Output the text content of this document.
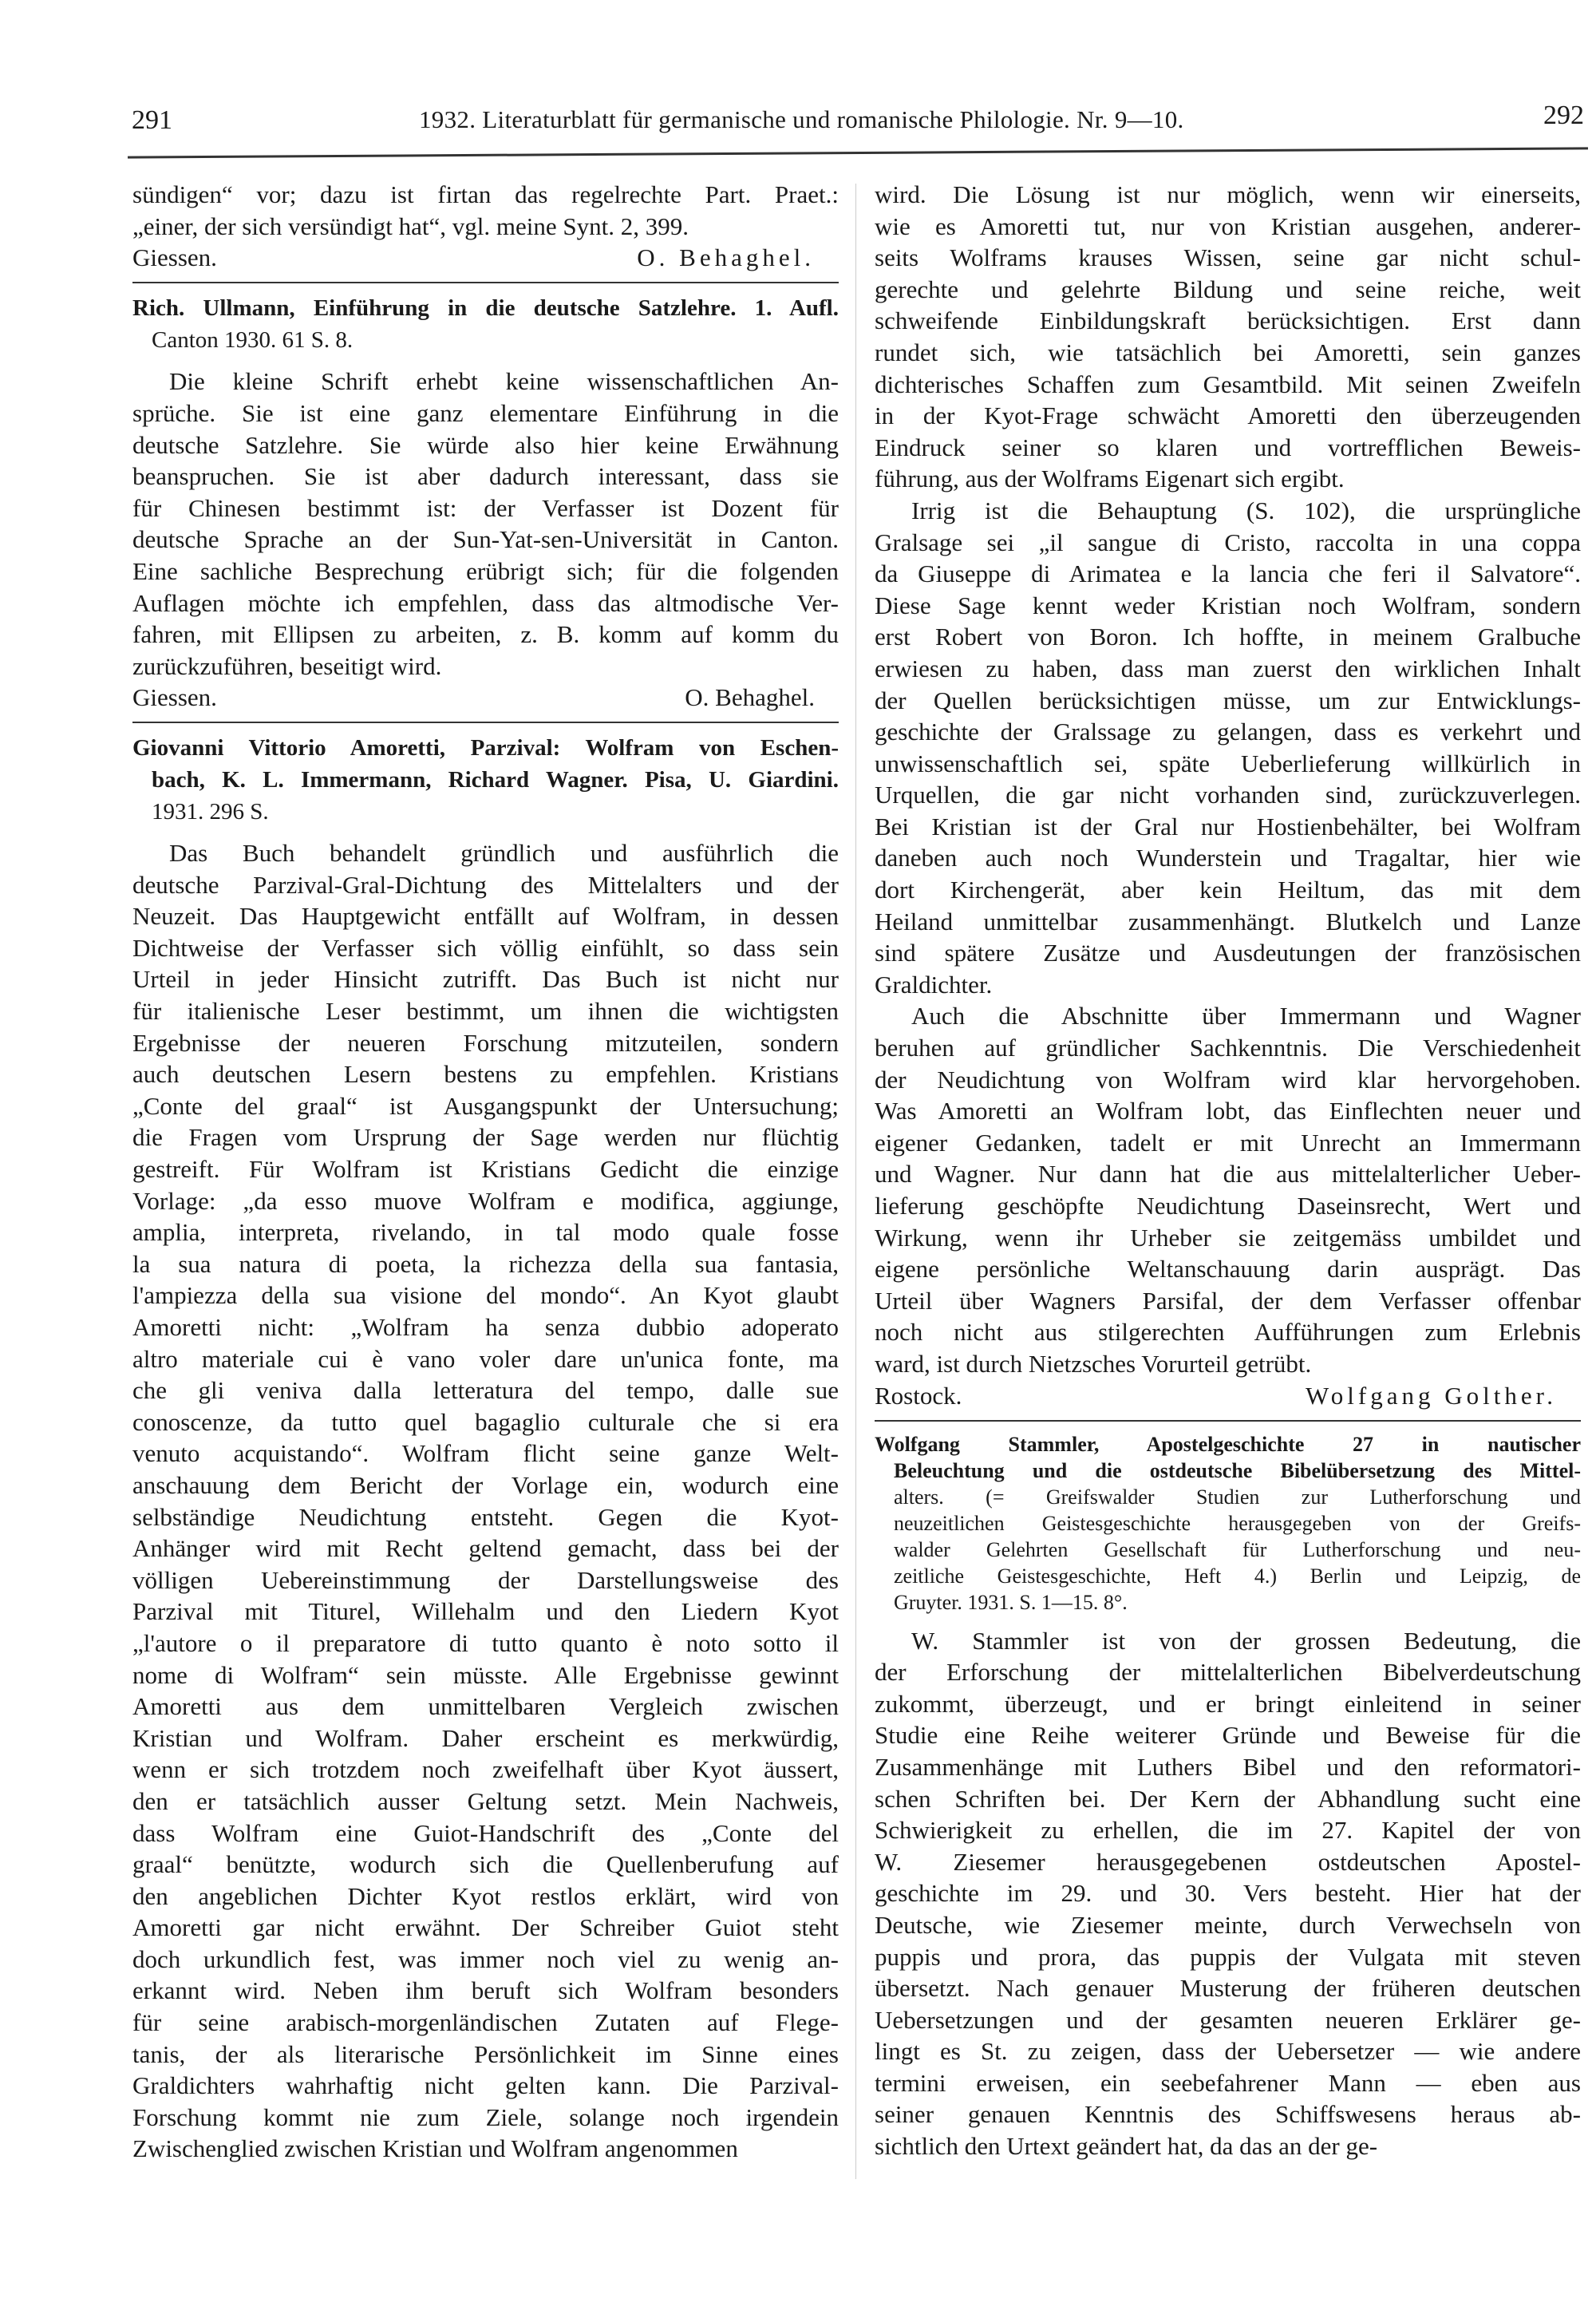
291	1932. Literaturblatt für germanische und romanische Philologie. Nr. 9—10.	292
sündigen“ vor; dazu ist firtan das regelrechte Part. Praet.:
„einer, der sich versündigt hat“, vgl. meine Synt. 2, 399.
Giessen.	O. Behaghel.
Rich. Ullmann, Einführung in die deutsche Satzlehre. 1. Aufl.
Canton 1930. 61 S. 8.
Die kleine Schrift erhebt keine wissenschaftlichen An-
sprüche. Sie ist eine ganz elementare Einführung in die
deutsche Satzlehre. Sie würde also hier keine Erwähnung
beanspruchen. Sie ist aber dadurch interessant, dass sie
für Chinesen bestimmt ist: der Verfasser ist Dozent für
deutsche Sprache an der Sun-Yat-sen-Universität in Canton.
Eine sachliche Besprechung erübrigt sich; für die folgenden
Auflagen möchte ich empfehlen, dass das altmodische Ver-
fahren, mit Ellipsen zu arbeiten, z. B. komm auf komm du
zurückzuführen, beseitigt wird.
Giessen.	O. Behaghel.
Giovanni Vittorio Amoretti, Parzival: Wolfram von Eschen-
bach, K. L. Immermann, Richard Wagner. Pisa, U. Giardini.
1931. 296 S.
Das Buch behandelt gründlich und ausführlich die
deutsche Parzival-Gral-Dichtung des Mittelalters und der
Neuzeit. Das Hauptgewicht entfällt auf Wolfram, in dessen
Dichtweise der Verfasser sich völlig einfühlt, so dass sein
Urteil in jeder Hinsicht zutrifft. Das Buch ist nicht nur
für italienische Leser bestimmt, um ihnen die wichtigsten
Ergebnisse der neueren Forschung mitzuteilen, sondern
auch deutschen Lesern bestens zu empfehlen. Kristians
„Conte del graal“ ist Ausgangspunkt der Untersuchung;
die Fragen vom Ursprung der Sage werden nur flüchtig
gestreift. Für Wolfram ist Kristians Gedicht die einzige
Vorlage: „da esso muove Wolfram e modifica, aggiunge,
amplia, interpreta, rivelando, in tal modo quale fosse
la sua natura di poeta, la richezza della sua fantasia,
l'ampiezza della sua visione del mondo“. An Kyot glaubt
Amoretti nicht: „Wolfram ha senza dubbio adoperato
altro materiale cui è vano voler dare un'unica fonte, ma
che gli veniva dalla letteratura del tempo, dalle sue
conoscenze, da tutto quel bagaglio culturale che si era
venuto acquistando“. Wolfram flicht seine ganze Welt-
anschauung dem Bericht der Vorlage ein, wodurch eine
selbständige Neudichtung entsteht. Gegen die Kyot-
Anhänger wird mit Recht geltend gemacht, dass bei der
völligen Uebereinstimmung der Darstellungsweise des
Parzival mit Titurel, Willehalm und den Liedern Kyot
„l'autore o il preparatore di tutto quanto è noto sotto il
nome di Wolfram“ sein müsste. Alle Ergebnisse gewinnt
Amoretti aus dem unmittelbaren Vergleich zwischen
Kristian und Wolfram. Daher erscheint es merkwürdig,
wenn er sich trotzdem noch zweifelhaft über Kyot äussert,
den er tatsächlich ausser Geltung setzt. Mein Nachweis,
dass Wolfram eine Guiot-Handschrift des „Conte del
graal“ benützte, wodurch sich die Quellenberufung auf
den angeblichen Dichter Kyot restlos erklärt, wird von
Amoretti gar nicht erwähnt. Der Schreiber Guiot steht
doch urkundlich fest, was immer noch viel zu wenig an-
erkannt wird. Neben ihm beruft sich Wolfram besonders
für seine arabisch-morgenländischen Zutaten auf Flege-
tanis, der als literarische Persönlichkeit im Sinne eines
Graldichters wahrhaftig nicht gelten kann. Die Parzival-
Forschung kommt nie zum Ziele, solange noch irgendein
Zwischenglied zwischen Kristian und Wolfram angenommen
wird. Die Lösung ist nur möglich, wenn wir einerseits,
wie es Amoretti tut, nur von Kristian ausgehen, anderer-
seits Wolframs krauses Wissen, seine gar nicht schul-
gerechte und gelehrte Bildung und seine reiche, weit
schweifende Einbildungskraft berücksichtigen. Erst dann
rundet sich, wie tatsächlich bei Amoretti, sein ganzes
dichterisches Schaffen zum Gesamtbild. Mit seinen Zweifeln
in der Kyot-Frage schwächt Amoretti den überzeugenden
Eindruck seiner so klaren und vortrefflichen Beweis-
führung, aus der Wolframs Eigenart sich ergibt.
Irrig ist die Behauptung (S. 102), die ursprüngliche
Gralsage sei „il sangue di Cristo, raccolta in una coppa
da Giuseppe di Arimatea e la lancia che feri il Salvatore“.
Diese Sage kennt weder Kristian noch Wolfram, sondern
erst Robert von Boron. Ich hoffte, in meinem Gralbuche
erwiesen zu haben, dass man zuerst den wirklichen Inhalt
der Quellen berücksichtigen müsse, um zur Entwicklungs-
geschichte der Gralssage zu gelangen, dass es verkehrt und
unwissenschaftlich sei, späte Ueberlieferung willkürlich in
Urquellen, die gar nicht vorhanden sind, zurückzuverlegen.
Bei Kristian ist der Gral nur Hostienbehälter, bei Wolfram
daneben auch noch Wunderstein und Tragaltar, hier wie
dort Kirchengerät, aber kein Heiltum, das mit dem
Heiland unmittelbar zusammenhängt. Blutkelch und Lanze
sind spätere Zusätze und Ausdeutungen der französischen
Graldichter.
Auch die Abschnitte über Immermann und Wagner
beruhen auf gründlicher Sachkenntnis. Die Verschiedenheit
der Neudichtung von Wolfram wird klar hervorgehoben.
Was Amoretti an Wolfram lobt, das Einflechten neuer und
eigener Gedanken, tadelt er mit Unrecht an Immermann
und Wagner. Nur dann hat die aus mittelalterlicher Ueber-
lieferung geschöpfte Neudichtung Daseinsrecht, Wert und
Wirkung, wenn ihr Urheber sie zeitgemäss umbildet und
eigene persönliche Weltanschauung darin ausprägt. Das
Urteil über Wagners Parsifal, der dem Verfasser offenbar
noch nicht aus stilgerechten Aufführungen zum Erlebnis
ward, ist durch Nietzsches Vorurteil getrübt.
Rostock.	Wolfgang Golther.
Wolfgang Stammler, Apostelgeschichte 27 in nautischer
Beleuchtung und die ostdeutsche Bibelübersetzung des Mittel-
alters. (= Greifswalder Studien zur Lutherforschung und
neuzeitlichen Geistesgeschichte herausgegeben von der Greifs-
walder Gelehrten Gesellschaft für Lutherforschung und neu-
zeitliche Geistesgeschichte, Heft 4.) Berlin und Leipzig, de
Gruyter. 1931. S. 1—15. 8°.
W. Stammler ist von der grossen Bedeutung, die
der Erforschung der mittelalterlichen Bibelverdeutschung
zukommt, überzeugt, und er bringt einleitend in seiner
Studie eine Reihe weiterer Gründe und Beweise für die
Zusammenhänge mit Luthers Bibel und den reformatori-
schen Schriften bei. Der Kern der Abhandlung sucht eine
Schwierigkeit zu erhellen, die im 27. Kapitel der von
W. Ziesemer herausgegebenen ostdeutschen Apostel-
geschichte im 29. und 30. Vers besteht. Hier hat der
Deutsche, wie Ziesemer meinte, durch Verwechseln von
puppis und prora, das puppis der Vulgata mit steven
übersetzt. Nach genauer Musterung der früheren deutschen
Uebersetzungen und der gesamten neueren Erklärer ge-
lingt es St. zu zeigen, dass der Uebersetzer — wie andere
termini erweisen, ein seebefahrener Mann — eben aus
seiner genauen Kenntnis des Schiffswesens heraus ab-
sichtlich den Urtext geändert hat, da das an der ge-
